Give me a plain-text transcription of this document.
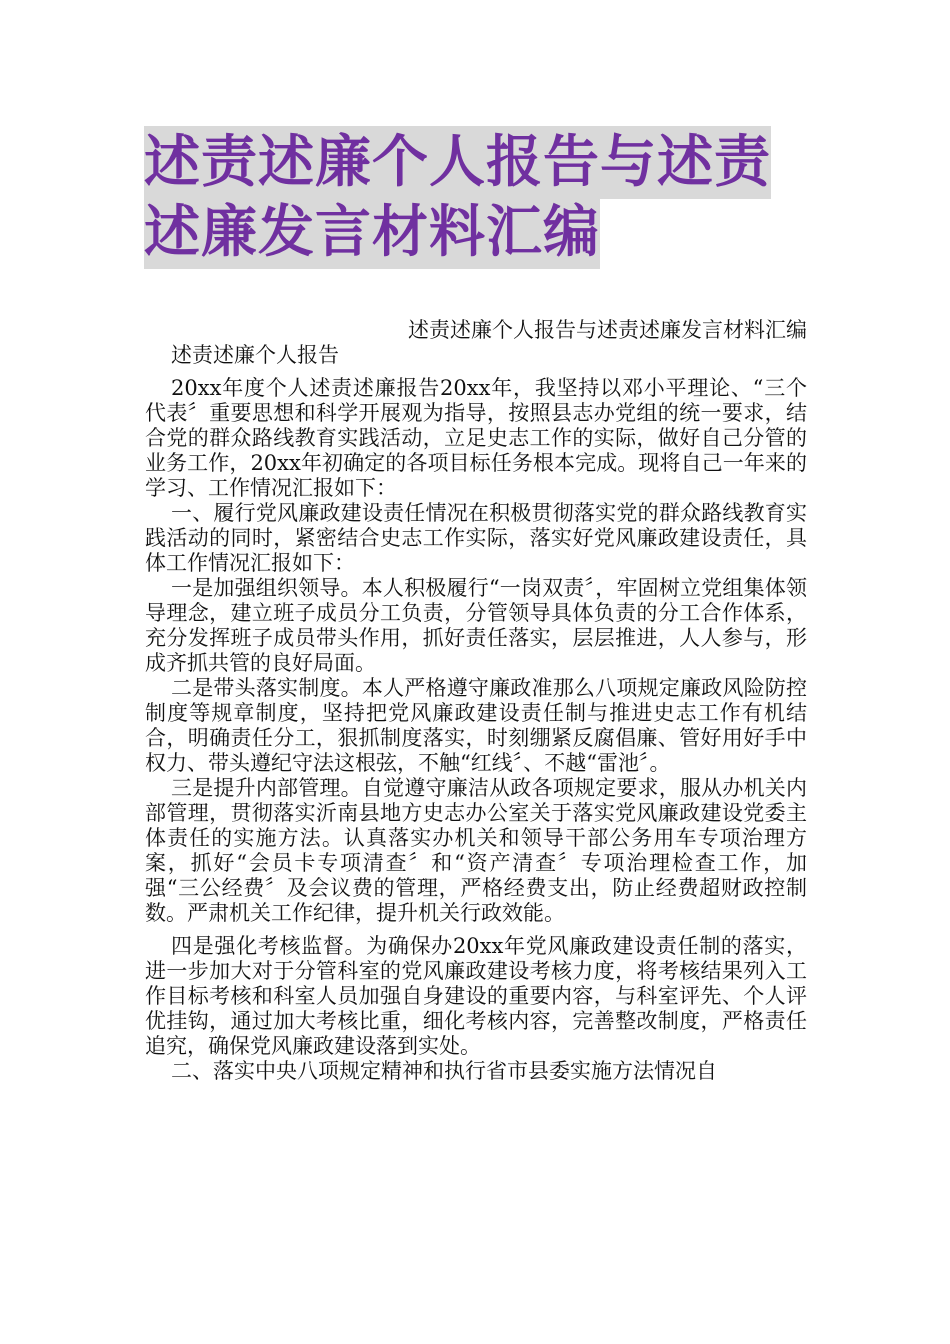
述责述廉个人报告与述责述廉发言材料汇编

述责述廉个人报告与述责述廉发言材料汇编

述责述廉个人报告

20xx年度个人述责述廉报告20xx年，我坚持以邓小平理论、“三个代表〞重要思想和科学开展观为指导，按照县志办党组的统一要求，结合党的群众路线教育实践活动，立足史志工作的实际，做好自己分管的业务工作，20xx年初确定的各项目标任务根本完成。现将自己一年来的学习、工作情况汇报如下：

一、履行党风廉政建设责任情况在积极贯彻落实党的群众路线教育实践活动的同时，紧密结合史志工作实际，落实好党风廉政建设责任，具体工作情况汇报如下：

一是加强组织领导。本人积极履行“一岗双责〞，牢固树立党组集体领导理念，建立班子成员分工负责，分管领导具体负责的分工合作体系，充分发挥班子成员带头作用，抓好责任落实，层层推进，人人参与，形成齐抓共管的良好局面。

二是带头落实制度。本人严格遵守廉政准那么八项规定廉政风险防控制度等规章制度，坚持把党风廉政建设责任制与推进史志工作有机结合，明确责任分工，狠抓制度落实，时刻绷紧反腐倡廉、管好用好手中权力、带头遵纪守法这根弦，不触“红线〞、不越“雷池〞。

三是提升内部管理。自觉遵守廉洁从政各项规定要求，服从办机关内部管理，贯彻落实沂南县地方史志办公室关于落实党风廉政建设党委主体责任的实施方法。认真落实办机关和领导干部公务用车专项治理方案，抓好“会员卡专项清查〞和“资产清查〞专项治理检查工作，加强“三公经费〞及会议费的管理，严格经费支出，防止经费超财政控制数。严肃机关工作纪律，提升机关行政效能。

四是强化考核监督。为确保办20xx年党风廉政建设责任制的落实，进一步加大对于分管科室的党风廉政建设考核力度，将考核结果列入工作目标考核和科室人员加强自身建设的重要内容，与科室评先、个人评优挂钩，通过加大考核比重，细化考核内容，完善整改制度，严格责任追究，确保党风廉政建设落到实处。

二、落实中央八项规定精神和执行省市县委实施方法情况自
